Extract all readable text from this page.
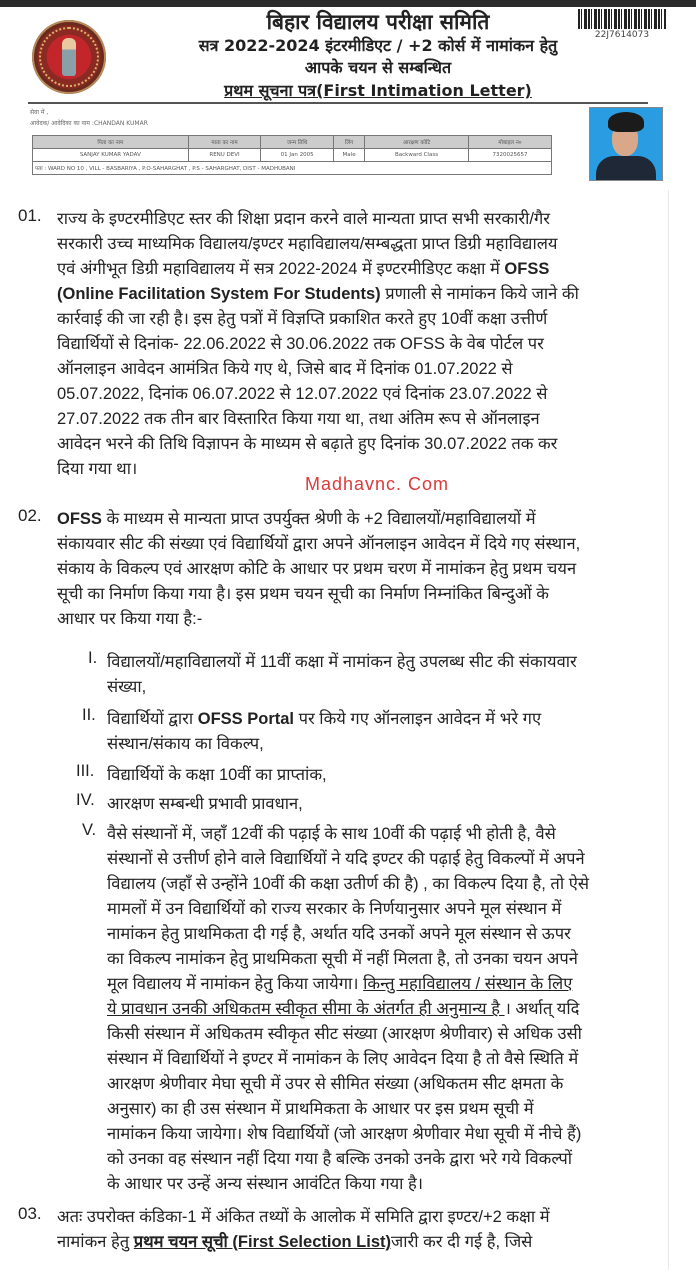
बिहार विद्यालय परीक्षा समिति
सत्र 2022-2024 इंटरमीडिएट / +2 कोर्स में नामांकन हेतु
आपके चयन से सम्बन्धित
प्रथम सूचना पत्र(First Intimation Letter)
22J7614073
सेवा में ,
आवेदक/ आवेदिका का नाम :CHANDAN KUMAR
पिता का नाम	माता का नाम	जन्म तिथि	लिंग	आरक्षण कोटि	मोबाइल न०
SANJAY KUMAR YADAV	RENU DEVI	01 Jan 2005	Male	Backward Class	7320025657
पता : WARD NO 10 , VILL - BASBARIYA , P.O-SAHARGHAT , P.S - SAHARGHAT, DIST - MADHUBANI					
01. राज्य के इण्टरमीडिएट स्तर की शिक्षा प्रदान करने वाले मान्यता प्राप्त सभी सरकारी/गैर
सरकारी उच्च माध्यमिक विद्यालय/इण्टर महाविद्यालय/सम्बद्धता प्राप्त डिग्री महाविद्यालय
एवं अंगीभूत डिग्री महाविद्यालय में सत्र 2022-2024 में इण्टरमीडिएट कक्षा में OFSS
(Online Facilitation System For Students) प्रणाली से नामांकन किये जाने की
कार्रवाई की जा रही है। इस हेतु पत्रों में विज्ञप्ति प्रकाशित करते हुए 10वीं कक्षा उत्तीर्ण
विद्यार्थियों से दिनांक- 22.06.2022 से 30.06.2022 तक OFSS के वेब पोर्टल पर
ऑनलाइन आवेदन आमंत्रित किये गए थे, जिसे बाद में दिनांक 01.07.2022 से
05.07.2022, दिनांक 06.07.2022 से 12.07.2022 एवं दिनांक 23.07.2022 से
27.07.2022 तक तीन बार विस्तारित किया गया था, तथा अंतिम रूप से ऑनलाइन
आवेदन भरने की तिथि विज्ञापन के माध्यम से बढ़ाते हुए दिनांक 30.07.2022 तक कर
दिया गया था।
02. OFSS के माध्यम से मान्यता प्राप्त उपर्युक्त श्रेणी के +2 विद्यालयों/महाविद्यालयों में
संकायवार सीट की संख्या एवं विद्यार्थियों द्वारा अपने ऑनलाइन आवेदन में दिये गए संस्थान,
संकाय के विकल्प एवं आरक्षण कोटि के आधार पर प्रथम चरण में नामांकन हेतु प्रथम चयन
सूची का निर्माण किया गया है। इस प्रथम चयन सूची का निर्माण निम्नांकित बिन्दुओं के
आधार पर किया गया है:-
I. विद्यालयों/महाविद्यालयों में 11वीं कक्षा में नामांकन हेतु उपलब्ध सीट की संकायवार
संख्या,
II. विद्यार्थियों द्वारा OFSS Portal पर किये गए ऑनलाइन आवेदन में भरे गए
संस्थान/संकाय का विकल्प,
III. विद्यार्थियों के कक्षा 10वीं का प्राप्तांक,
IV. आरक्षण सम्बन्धी प्रभावी प्रावधान,
V. वैसे संस्थानों में, जहाँ 12वीं की पढ़ाई के साथ 10वीं की पढ़ाई भी होती है, वैसे
संस्थानों से उत्तीर्ण होने वाले विद्यार्थियों ने यदि इण्टर की पढ़ाई हेतु विकल्पों में अपने
विद्यालय (जहाँ से उन्होंने 10वीं की कक्षा उतीर्ण की है) , का विकल्प दिया है, तो ऐसे
मामलों में उन विद्यार्थियों को राज्य सरकार के निर्णयानुसार अपने मूल संस्थान में
नामांकन हेतु प्राथमिकता दी गई है, अर्थात यदि उनकों अपने मूल संस्थान से ऊपर
का विकल्प नामांकन हेतु प्राथमिकता सूची में नहीं मिलता है, तो उनका चयन अपने
मूल विद्यालय में नामांकन हेतु किया जायेगा। किन्तु महाविद्यालय / संस्थान के लिए
ये प्रावधान उनकी अधिकतम स्वीकृत सीमा के अंतर्गत ही अनुमान्य है । अर्थात् यदि
किसी संस्थान में अधिकतम स्वीकृत सीट संख्या (आरक्षण श्रेणीवार) से अधिक उसी
संस्थान में विद्यार्थियों ने इण्टर में नामांकन के लिए आवेदन दिया है तो वैसे स्थिति में
आरक्षण श्रेणीवार मेघा सूची में उपर से सीमित संख्या (अधिकतम सीट क्षमता के
अनुसार) का ही उस संस्थान में प्राथमिकता के आधार पर इस प्रथम सूची में
नामांकन किया जायेगा। शेष विद्यार्थियों (जो आरक्षण श्रेणीवार मेधा सूची में नीचे हैं)
को उनका वह संस्थान नहीं दिया गया है बल्कि उनको उनके द्वारा भरे गये विकल्पों
के आधार पर उन्हें अन्य संस्थान आवंटित किया गया है।
03. अतः उपरोक्त कंडिका-1 में अंकित तथ्यों के आलोक में समिति द्वारा इण्टर/+2 कक्षा में
नामांकन हेतु प्रथम चयन सूची (First Selection List)जारी कर दी गई है, जिसे
Madhavnc. Com
